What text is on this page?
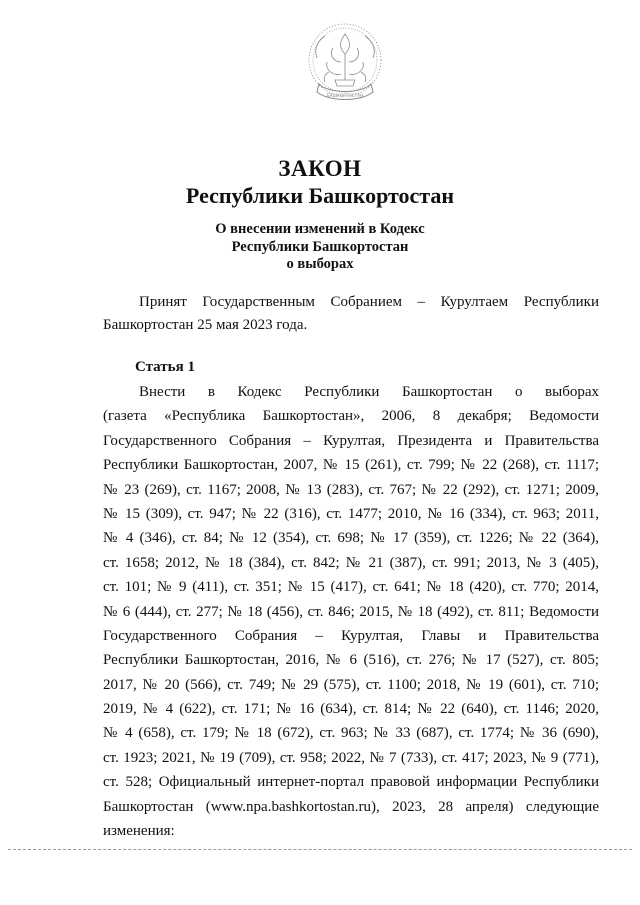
БАШКОРТОСТАН
ЗАКОН
Республики Башкортостан
О внесении изменений в Кодекс
Республики Башкортостан
о выборах
Принят Государственным Собранием – Курултаем Республики
Башкортостан 25 мая 2023 года.
Статья 1
Внести в Кодекс Республики Башкортостан о выборах
(газета «Республика Башкортостан», 2006, 8 декабря; Ведомости
Государственного Собрания – Курултая, Президента и Правительства
Республики Башкортостан, 2007, № 15 (261), ст. 799; № 22 (268), ст. 1117;
№ 23 (269), ст. 1167; 2008, № 13 (283), ст. 767; № 22 (292), ст. 1271; 2009,
№ 15 (309), ст. 947; № 22 (316), ст. 1477; 2010, № 16 (334), ст. 963; 2011,
№ 4 (346), ст. 84; № 12 (354), ст. 698; № 17 (359), ст. 1226; № 22 (364),
ст. 1658; 2012, № 18 (384), ст. 842; № 21 (387), ст. 991; 2013, № 3 (405),
ст. 101; № 9 (411), ст. 351; № 15 (417), ст. 641; № 18 (420), ст. 770; 2014,
№ 6 (444), ст. 277; № 18 (456), ст. 846; 2015, № 18 (492), ст. 811; Ведомости
Государственного Собрания – Курултая, Главы и Правительства
Республики Башкортостан, 2016, № 6 (516), ст. 276; № 17 (527), ст. 805;
2017, № 20 (566), ст. 749; № 29 (575), ст. 1100; 2018, № 19 (601), ст. 710;
2019, № 4 (622), ст. 171; № 16 (634), ст. 814; № 22 (640), ст. 1146; 2020,
№ 4 (658), ст. 179; № 18 (672), ст. 963; № 33 (687), ст. 1774; № 36 (690),
ст. 1923; 2021, № 19 (709), ст. 958; 2022, № 7 (733), ст. 417; 2023, № 9 (771),
ст. 528; Официальный интернет-портал правовой информации Республики
Башкортостан (www.npa.bashkortostan.ru), 2023, 28 апреля) следующие
изменения:
